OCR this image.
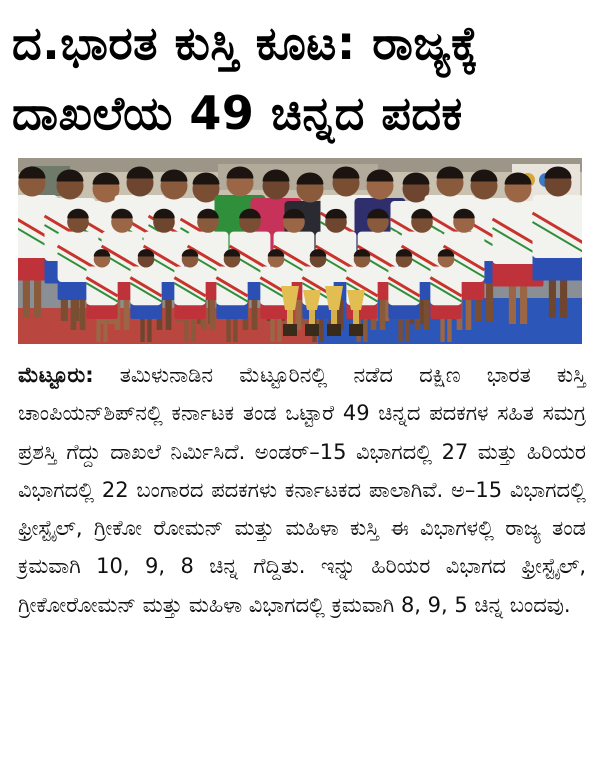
ದ.ಭಾರತ ಕುಸ್ತಿ ಕೂಟ: ರಾಜ್ಯಕ್ಕೆ
ದಾಖಲೆಯ 49 ಚಿನ್ನದ ಪದಕ

ಮೆಟ್ಟೂರು: ತಮಿಳುನಾಡಿನ ಮೆಟ್ಟೂರಿನಲ್ಲಿ ನಡೆದ ದಕ್ಷಿಣ ಭಾರತ ಕುಸ್ತಿ ಚಾಂಪಿಯನ್‌ಶಿಪ್‌ನಲ್ಲಿ ಕರ್ನಾಟಕ ತಂಡ ಒಟ್ಟಾರೆ 49 ಚಿನ್ನದ ಪದಕಗಳ ಸಹಿತ ಸಮಗ್ರ ಪ್ರಶಸ್ತಿ ಗೆದ್ದು ದಾಖಲೆ ನಿರ್ಮಿಸಿದೆ. ಅಂಡರ್‌–15 ವಿಭಾಗದಲ್ಲಿ 27 ಮತ್ತು ಹಿರಿಯರ ವಿಭಾಗದಲ್ಲಿ 22 ಬಂಗಾರದ ಪದಕಗಳು ಕರ್ನಾಟಕದ ಪಾಲಾಗಿವೆ. ಅ–15 ವಿಭಾಗದಲ್ಲಿ ಫ್ರೀಸ್ಟೈಲ್‌, ಗ್ರೀಕೋ ರೋಮನ್‌ ಮತ್ತು ಮಹಿಳಾ ಕುಸ್ತಿ ಈ ವಿಭಾಗಳಲ್ಲಿ ರಾಜ್ಯ ತಂಡ ಕ್ರಮವಾಗಿ 10, 9, 8 ಚಿನ್ನ ಗೆದ್ದಿತು. ಇನ್ನು ಹಿರಿಯರ ವಿಭಾಗದ ಫ್ರೀಸ್ಟೈಲ್‌, ಗ್ರೀಕೋರೋಮನ್‌ ಮತ್ತು ಮಹಿಳಾ ವಿಭಾಗದಲ್ಲಿ ಕ್ರಮವಾಗಿ 8, 9, 5 ಚಿನ್ನ ಬಂದವು.
